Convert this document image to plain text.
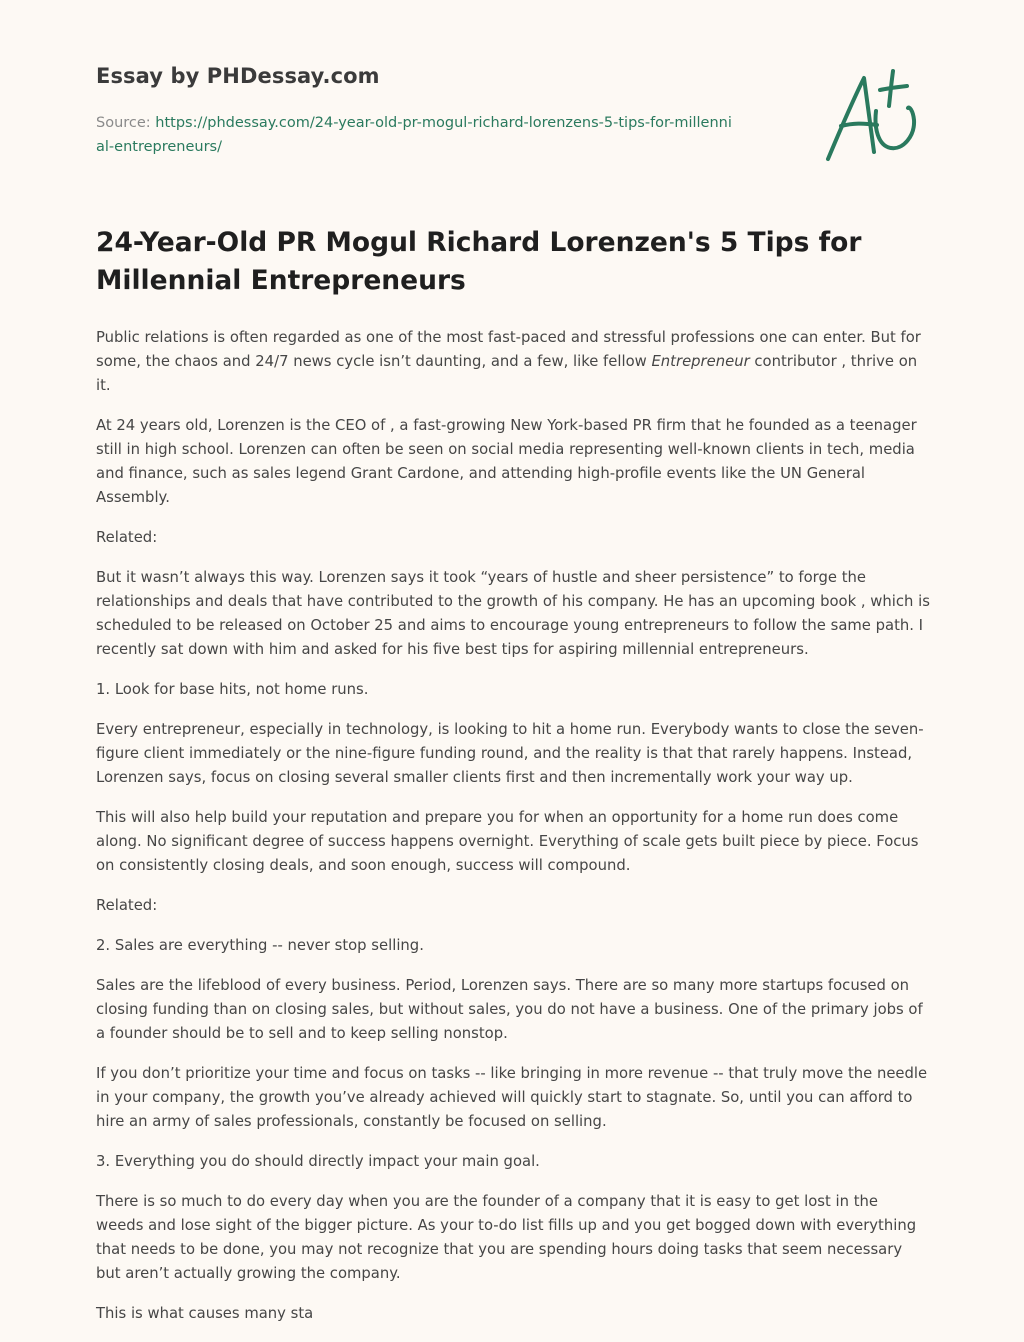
Essay by PHDessay.com
Source: https://phdessay.com/24-year-old-pr-mogul-richard-lorenzens-5-tips-for-millennial-entrepreneurs/
24-Year-Old PR Mogul Richard Lorenzen's 5 Tips for Millennial Entrepreneurs

Public relations is often regarded as one of the most fast-paced and stressful professions one can enter. But for some, the chaos and 24/7 news cycle isn’t daunting, and a few, like fellow Entrepreneur contributor , thrive on it.

At 24 years old, Lorenzen is the CEO of , a fast-growing New York-based PR firm that he founded as a teenager still in high school. Lorenzen can often be seen on social media representing well-known clients in tech, media and finance, such as sales legend Grant Cardone, and attending high-profile events like the UN General Assembly.

Related:

But it wasn’t always this way. Lorenzen says it took “years of hustle and sheer persistence” to forge the relationships and deals that have contributed to the growth of his company. He has an upcoming book , which is scheduled to be released on October 25 and aims to encourage young entrepreneurs to follow the same path. I recently sat down with him and asked for his five best tips for aspiring millennial entrepreneurs.

1. Look for base hits, not home runs.

Every entrepreneur, especially in technology, is looking to hit a home run. Everybody wants to close the seven-figure client immediately or the nine-figure funding round, and the reality is that that rarely happens. Instead, Lorenzen says, focus on closing several smaller clients first and then incrementally work your way up.

This will also help build your reputation and prepare you for when an opportunity for a home run does come along. No significant degree of success happens overnight. Everything of scale gets built piece by piece. Focus on consistently closing deals, and soon enough, success will compound.

Related:

2. Sales are everything -- never stop selling.

Sales are the lifeblood of every business. Period, Lorenzen says. There are so many more startups focused on closing funding than on closing sales, but without sales, you do not have a business. One of the primary jobs of a founder should be to sell and to keep selling nonstop.

If you don’t prioritize your time and focus on tasks -- like bringing in more revenue -- that truly move the needle in your company, the growth you’ve already achieved will quickly start to stagnate. So, until you can afford to hire an army of sales professionals, constantly be focused on selling.

3. Everything you do should directly impact your main goal.

There is so much to do every day when you are the founder of a company that it is easy to get lost in the weeds and lose sight of the bigger picture. As your to-do list fills up and you get bogged down with everything that needs to be done, you may not recognize that you are spending hours doing tasks that seem necessary but aren’t actually growing the company.

This is what causes many sta
